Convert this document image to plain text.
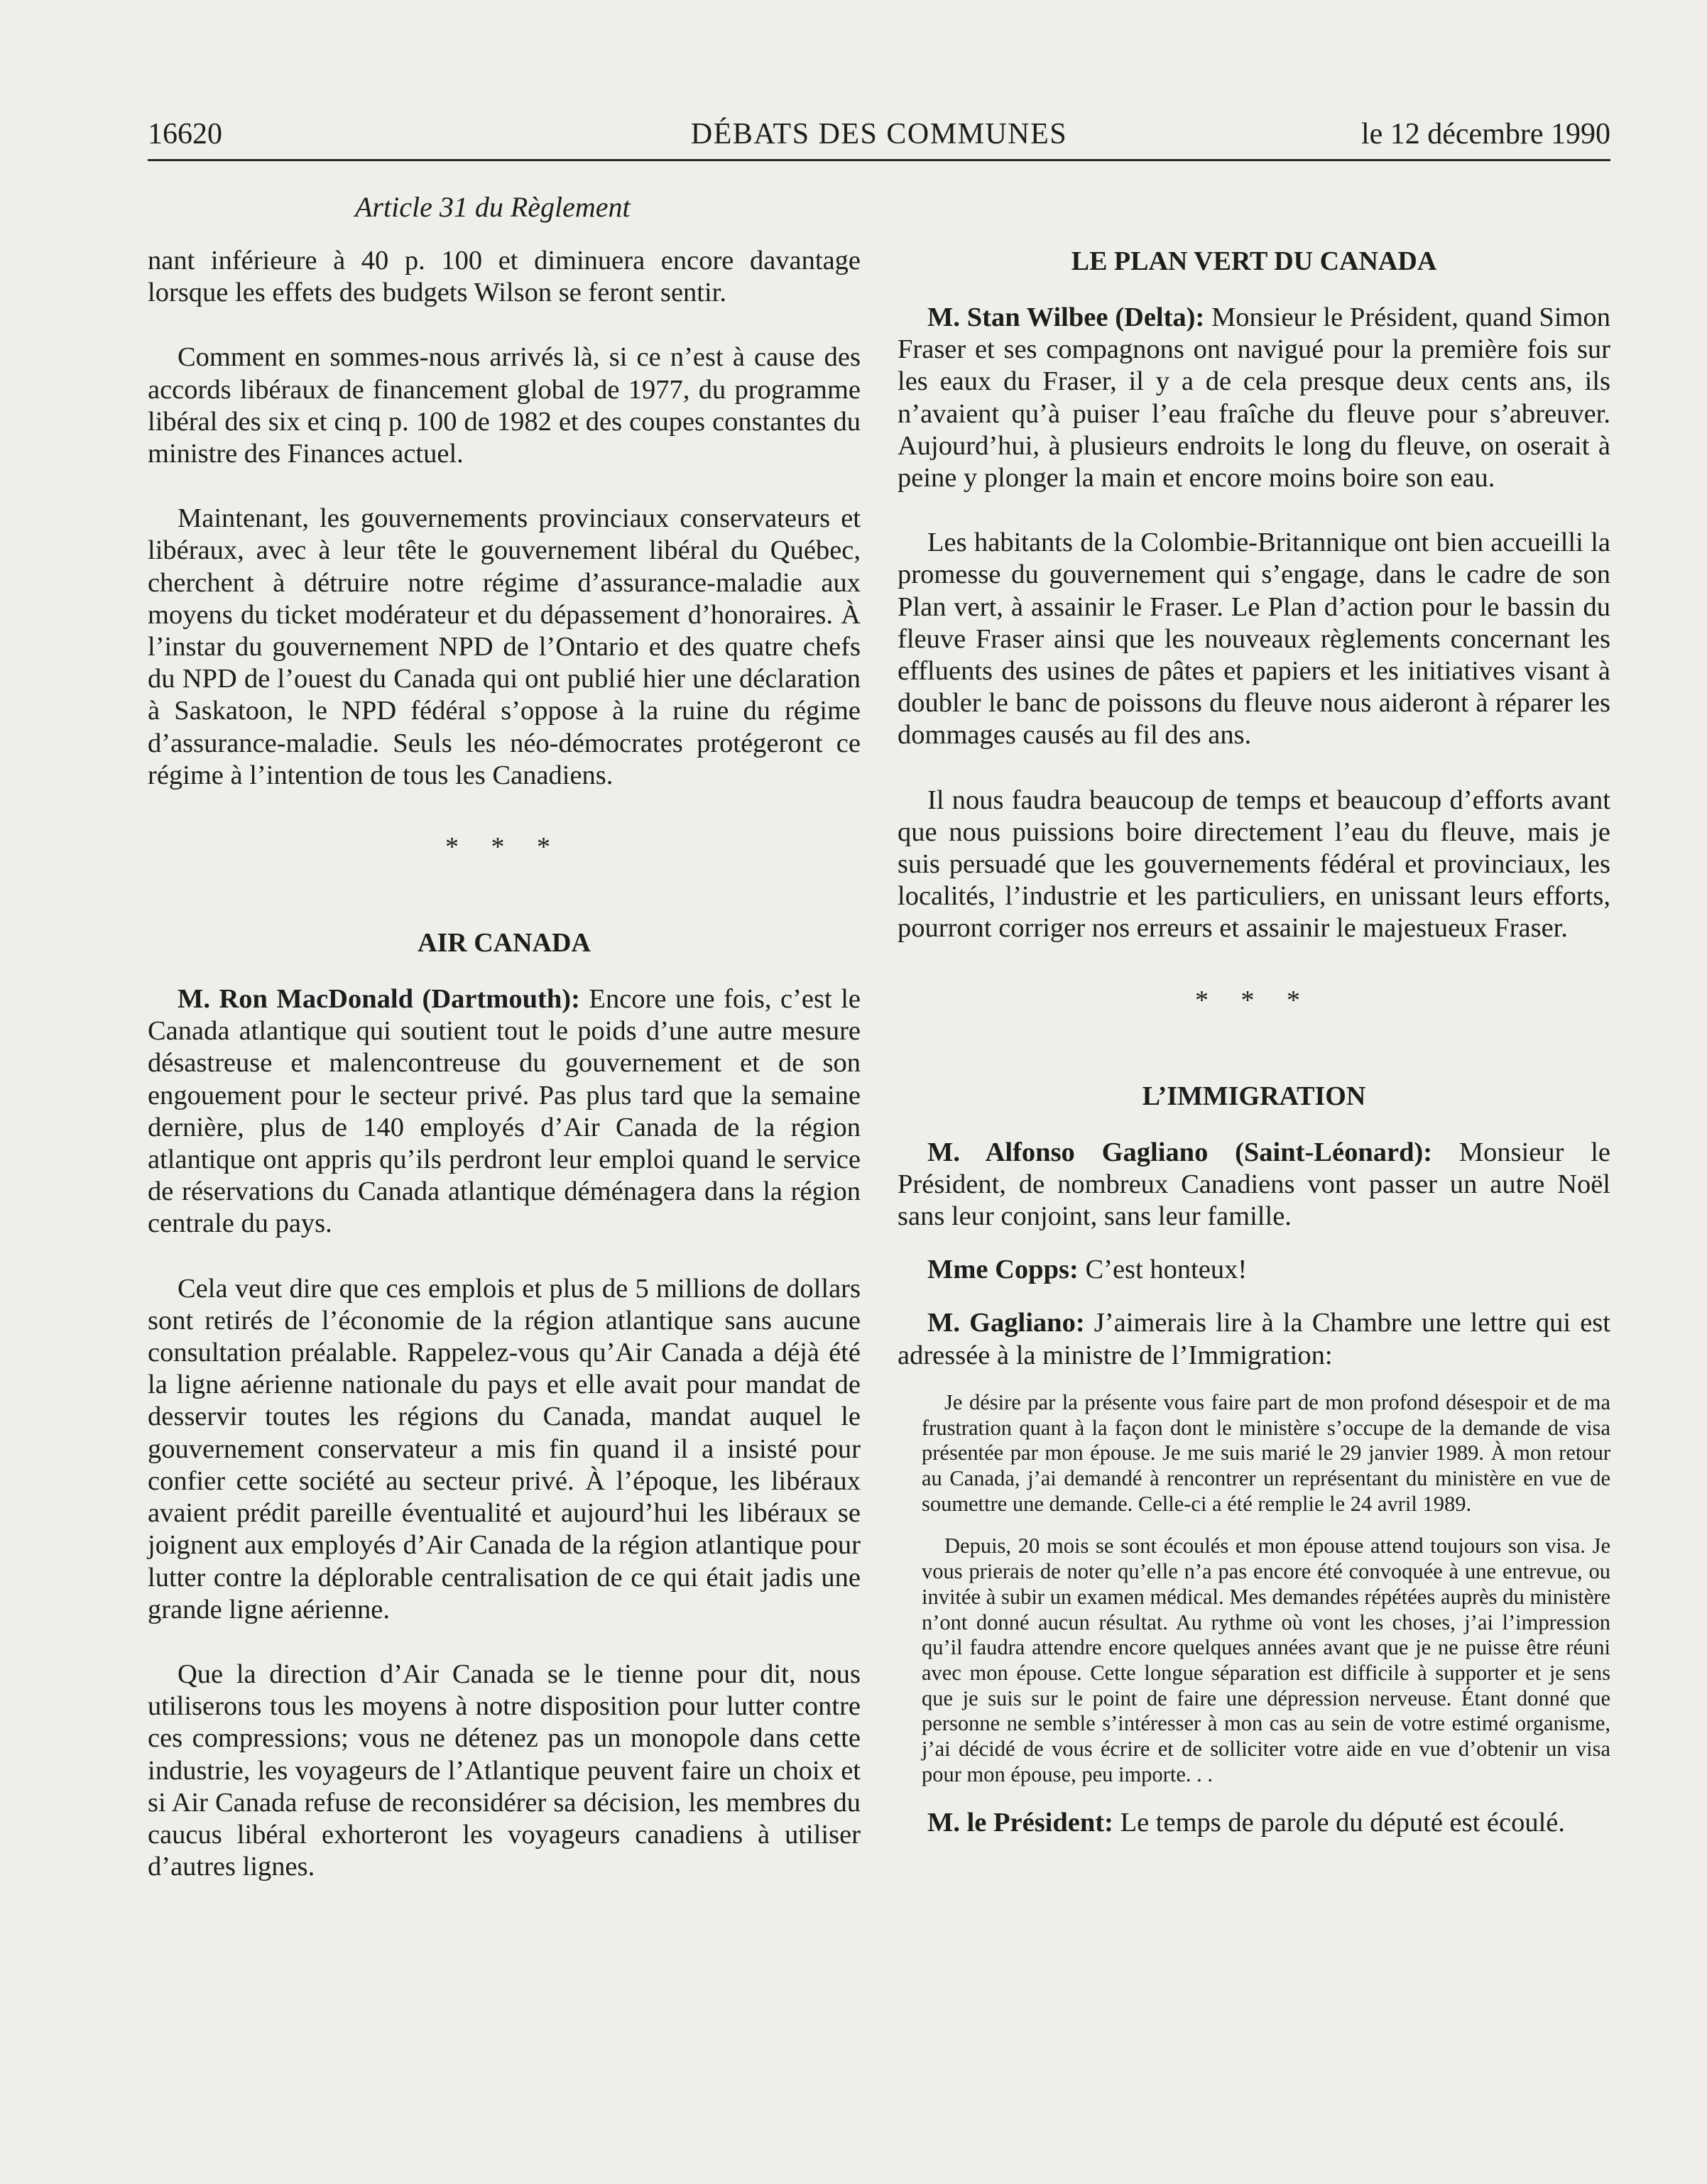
16620	DÉBATS DES COMMUNES	le 12 décembre 1990
Article 31 du Règlement

nant inférieure à 40 p. 100 et diminuera encore davantage lorsque les effets des budgets Wilson se feront sentir.

Comment en sommes-nous arrivés là, si ce n’est à cause des accords libéraux de financement global de 1977, du programme libéral des six et cinq p. 100 de 1982 et des coupes constantes du ministre des Finances actuel.

Maintenant, les gouvernements provinciaux conservateurs et libéraux, avec à leur tête le gouvernement libéral du Québec, cherchent à détruire notre régime d’assurance-maladie aux moyens du ticket modérateur et du dépassement d’honoraires. À l’instar du gouvernement NPD de l’Ontario et des quatre chefs du NPD de l’ouest du Canada qui ont publié hier une déclaration à Saskatoon, le NPD fédéral s’oppose à la ruine du régime d’assurance-maladie. Seuls les néo-démocrates protégeront ce régime à l’intention de tous les Canadiens.

* * *

AIR CANADA

M. Ron MacDonald (Dartmouth): Encore une fois, c’est le Canada atlantique qui soutient tout le poids d’une autre mesure désastreuse et malencontreuse du gouvernement et de son engouement pour le secteur privé. Pas plus tard que la semaine dernière, plus de 140 employés d’Air Canada de la région atlantique ont appris qu’ils perdront leur emploi quand le service de réservations du Canada atlantique déménagera dans la région centrale du pays.

Cela veut dire que ces emplois et plus de 5 millions de dollars sont retirés de l’économie de la région atlantique sans aucune consultation préalable. Rappelez-vous qu’Air Canada a déjà été la ligne aérienne nationale du pays et elle avait pour mandat de desservir toutes les régions du Canada, mandat auquel le gouvernement conservateur a mis fin quand il a insisté pour confier cette société au secteur privé. À l’époque, les libéraux avaient prédit pareille éventualité et aujourd’hui les libéraux se joignent aux employés d’Air Canada de la région atlantique pour lutter contre la déplorable centralisation de ce qui était jadis une grande ligne aérienne.

Que la direction d’Air Canada se le tienne pour dit, nous utiliserons tous les moyens à notre disposition pour lutter contre ces compressions; vous ne détenez pas un monopole dans cette industrie, les voyageurs de l’Atlantique peuvent faire un choix et si Air Canada refuse de reconsidérer sa décision, les membres du caucus libéral exhorteront les voyageurs canadiens à utiliser d’autres lignes.

LE PLAN VERT DU CANADA

M. Stan Wilbee (Delta): Monsieur le Président, quand Simon Fraser et ses compagnons ont navigué pour la première fois sur les eaux du Fraser, il y a de cela presque deux cents ans, ils n’avaient qu’à puiser l’eau fraîche du fleuve pour s’abreuver. Aujourd’hui, à plusieurs endroits le long du fleuve, on oserait à peine y plonger la main et encore moins boire son eau.

Les habitants de la Colombie-Britannique ont bien accueilli la promesse du gouvernement qui s’engage, dans le cadre de son Plan vert, à assainir le Fraser. Le Plan d’action pour le bassin du fleuve Fraser ainsi que les nouveaux règlements concernant les effluents des usines de pâtes et papiers et les initiatives visant à doubler le banc de poissons du fleuve nous aideront à réparer les dommages causés au fil des ans.

Il nous faudra beaucoup de temps et beaucoup d’efforts avant que nous puissions boire directement l’eau du fleuve, mais je suis persuadé que les gouvernements fédéral et provinciaux, les localités, l’industrie et les particuliers, en unissant leurs efforts, pourront corriger nos erreurs et assainir le majestueux Fraser.

* * *

L’IMMIGRATION

M. Alfonso Gagliano (Saint-Léonard): Monsieur le Président, de nombreux Canadiens vont passer un autre Noël sans leur conjoint, sans leur famille.

Mme Copps: C’est honteux!

M. Gagliano: J’aimerais lire à la Chambre une lettre qui est adressée à la ministre de l’Immigration:

Je désire par la présente vous faire part de mon profond désespoir et de ma frustration quant à la façon dont le ministère s’occupe de la demande de visa présentée par mon épouse. Je me suis marié le 29 janvier 1989. À mon retour au Canada, j’ai demandé à rencontrer un représentant du ministère en vue de soumettre une demande. Celle-ci a été remplie le 24 avril 1989.

Depuis, 20 mois se sont écoulés et mon épouse attend toujours son visa. Je vous prierais de noter qu’elle n’a pas encore été convoquée à une entrevue, ou invitée à subir un examen médical. Mes demandes répétées auprès du ministère n’ont donné aucun résultat. Au rythme où vont les choses, j’ai l’impression qu’il faudra attendre encore quelques années avant que je ne puisse être réuni avec mon épouse. Cette longue séparation est difficile à supporter et je sens que je suis sur le point de faire une dépression nerveuse. Étant donné que personne ne semble s’intéresser à mon cas au sein de votre estimé organisme, j’ai décidé de vous écrire et de solliciter votre aide en vue d’obtenir un visa pour mon épouse, peu importe. . .

M. le Président: Le temps de parole du député est écoulé.
